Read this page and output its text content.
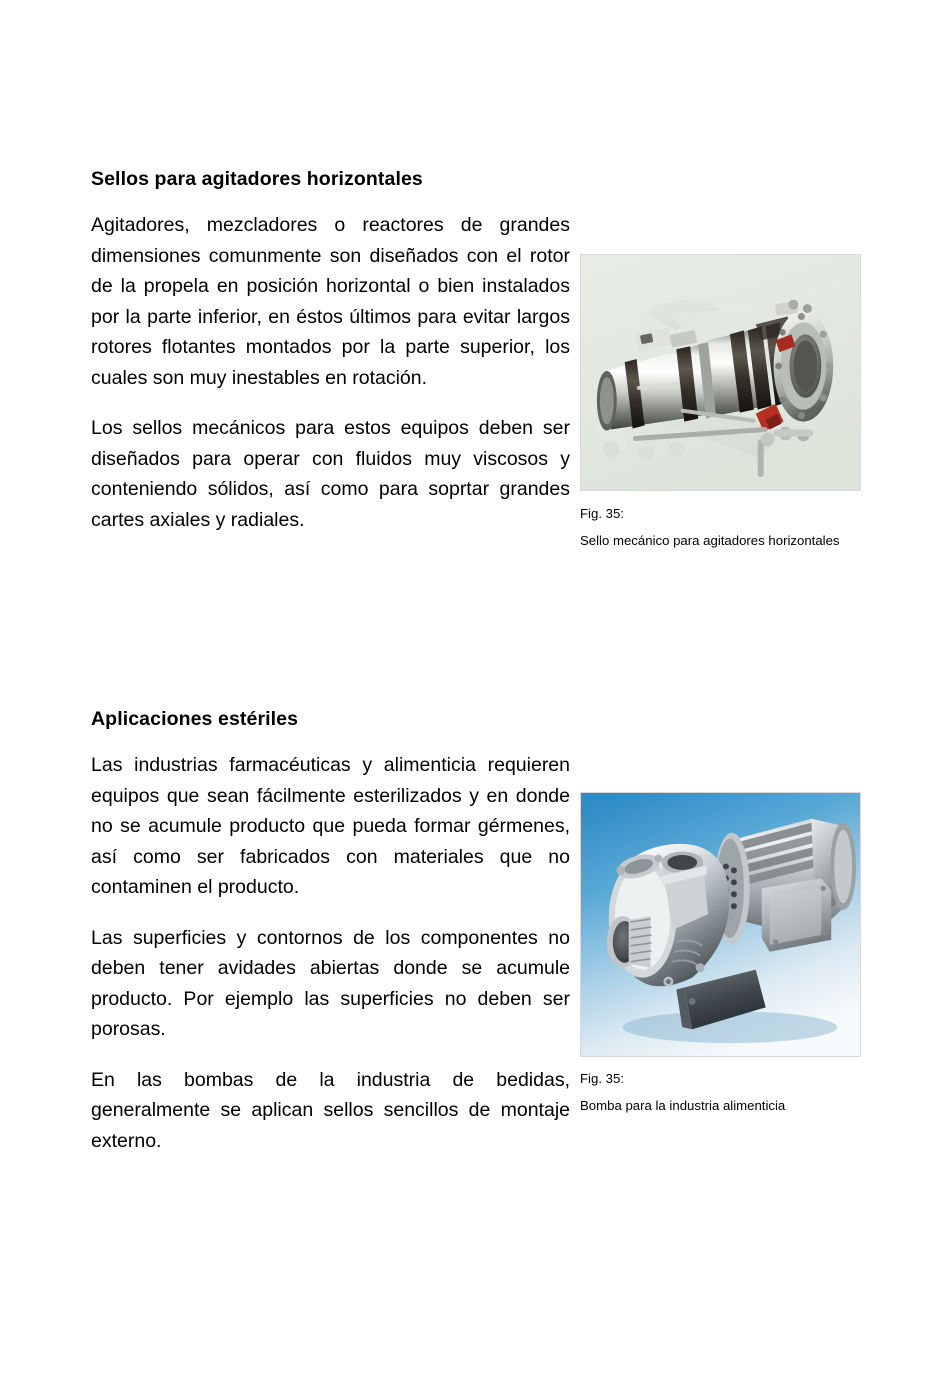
Sellos para agitadores horizontales

Agitadores, mezcladores o reactores de grandes dimensiones comunmente son diseñados con el rotor de la propela en posición horizontal o bien instalados por la parte inferior, en éstos últimos para evitar largos rotores flotantes montados por la parte superior, los cuales son muy inestables en rotación.

Los sellos mecánicos para estos equipos deben ser diseñados para operar con fluidos muy viscosos y conteniendo sólidos, así como para soprtar grandes cartes axiales y radiales.	Fig. 35:

Sello mecánico para agitadores horizontales

Aplicaciones estériles

Las industrias farmacéuticas y alimenticia requieren equipos que sean fácilmente esterilizados y en donde no se acumule producto que pueda formar gérmenes, así como ser fabricados con materiales que no contaminen el producto.

Las superficies y contornos de los componentes no deben tener avidades abiertas donde se acumule producto. Por ejemplo las superficies no deben ser porosas.

En las bombas de la industria de bedidas, generalmente se aplican sellos sencillos de montaje externo.

Fig. 35:

Bomba para la industria alimenticia
